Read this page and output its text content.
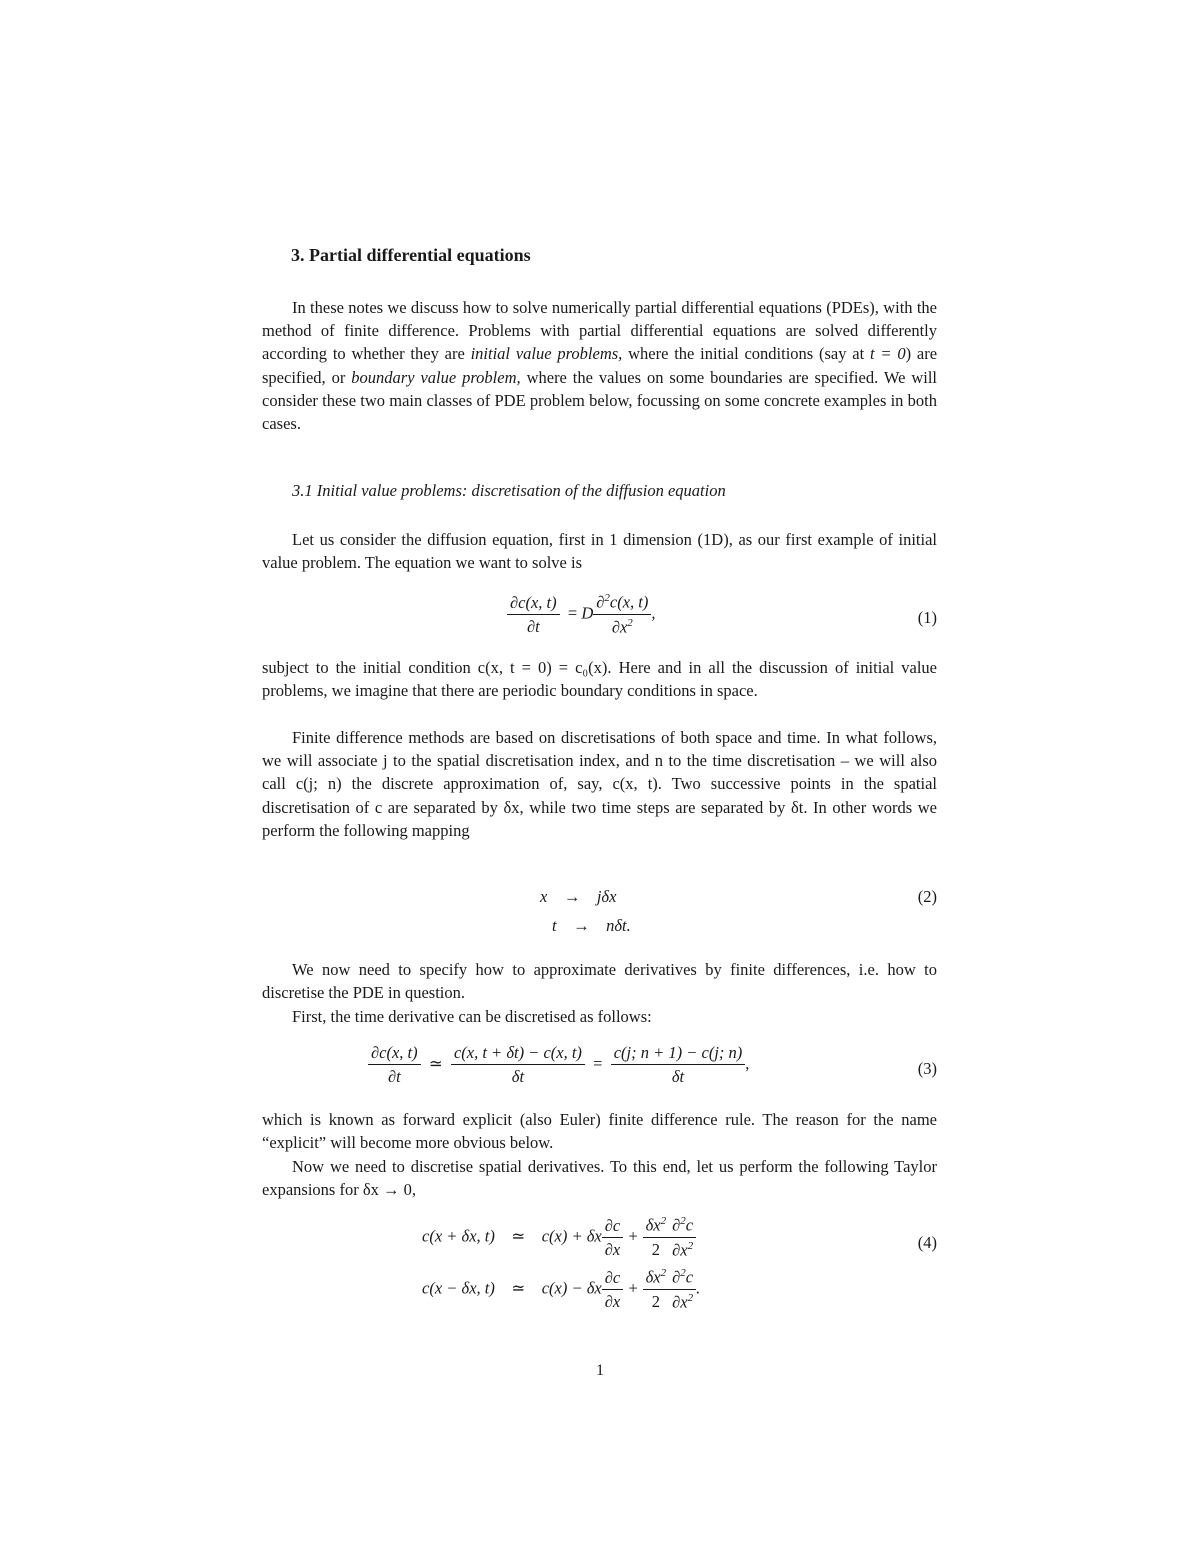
3. Partial differential equations
In these notes we discuss how to solve numerically partial differential equations (PDEs), with the method of finite difference. Problems with partial differential equations are solved differently according to whether they are initial value problems, where the initial conditions (say at t = 0) are specified, or boundary value problem, where the values on some boundaries are specified. We will consider these two main classes of PDE problem below, focussing on some concrete examples in both cases.
3.1 Initial value problems: discretisation of the diffusion equation
Let us consider the diffusion equation, first in 1 dimension (1D), as our first example of initial value problem. The equation we want to solve is
$\frac{\partial c(x, t)}{\partial t} = D \frac{\partial^2c(x, t)}{\partial x^2}$ ,	(1)
subject to the initial condition c(x, t = 0) = c₀(x). Here and in all the discussion of initial value problems, we imagine that there are periodic boundary conditions in space.
Finite difference methods are based on discretisations of both space and time. In what follows, we will associate j to the spatial discretisation index, and n to the time discretisation – we will also call c(j; n) the discrete approximation of, say, c(x, t). Two successive points in the spatial discretisation of c are separated by δx, while two time steps are separated by δt. In other words we perform the following mapping
x    →    jδx
t    →    nδt.
(2)
We now need to specify how to approximate derivatives by finite differences, i.e. how to discretise the PDE in question.
First, the time derivative can be discretised as follows:
$\frac{\partial c(x, t)}{\partial t}$ ≃ $\frac{c(x, t + \delta t) - c(x, t)}{\delta t} = \frac{c(j; n + 1) - c(j; n)}{\delta t}$ ,	(3)
which is known as forward explicit (also Euler) finite difference rule. The reason for the name “explicit” will become more obvious below.
Now we need to discretise spatial derivatives. To this end, let us perform the following Taylor expansions for δx → 0,
c(x + δx, t)    ≃    c(x) + δx $\frac{\partial c}{\partial x} + \frac{\delta x^2}{2} \frac{\partial^2c}{\partial x^2}$
c(x − δx, t)    ≃    c(x) − δx $\frac{\partial c}{\partial x} + \frac{\delta x^2}{2} \frac{\partial^2c}{\partial x^2}$ .
(4)
1
